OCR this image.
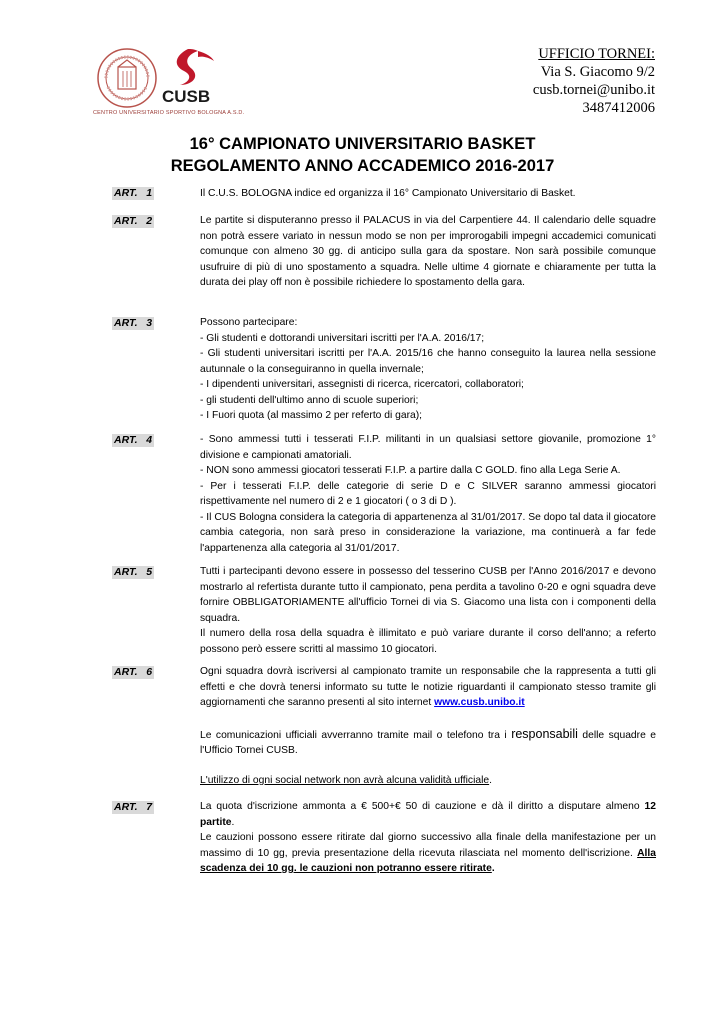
CENTRO UNIVERSITARIO SPORTIVO BOLOGNA A.S.D.
CUSB
UFFICIO TORNEI:
Via S. Giacomo 9/2
cusb.tornei@unibo.it
3487412006
16° CAMPIONATO UNIVERSITARIO BASKET
REGOLAMENTO ANNO ACCADEMICO 2016-2017
ART.   1	Il C.U.S. BOLOGNA indice ed organizza il 16° Campionato Universitario di Basket.

ART.   2	Le partite si disputeranno presso il PALACUS in via del Carpentiere 44. Il calendario delle squadre non potrà essere variato in nessun modo se non per improrogabili impegni accademici comunicati comunque con almeno 30 gg. di anticipo sulla gara da spostare. Non sarà possibile comunque usufruire di più di uno spostamento a squadra. Nelle ultime 4 giornate e chiaramente per tutta la durata dei play off non è possibile richiedere lo spostamento della gara.

ART.   3	Possono partecipare:

- Gli studenti e dottorandi universitari iscritti per l'A.A. 2016/17;

- Gli studenti universitari iscritti per l'A.A. 2015/16 che hanno conseguito la laurea nella sessione autunnale o la conseguiranno in quella invernale;

- I dipendenti universitari, assegnisti di ricerca, ricercatori, collaboratori;

- gli studenti dell'ultimo anno di scuole superiori;

- I Fuori quota (al massimo 2 per referto di gara);

ART.   4	- Sono ammessi tutti i tesserati F.I.P. militanti in un qualsiasi settore giovanile, promozione 1° divisione e campionati amatoriali.

- NON sono ammessi giocatori tesserati F.I.P. a partire dalla C GOLD. fino alla Lega Serie A.

- Per i tesserati F.I.P. delle categorie di serie D e C SILVER saranno ammessi giocatori rispettivamente nel numero di 2 e 1 giocatori ( o 3 di D ).

- Il CUS Bologna considera la categoria di appartenenza al 31/01/2017. Se dopo tal data il giocatore cambia categoria, non sarà preso in considerazione la variazione, ma continuerà a far fede l'appartenenza alla categoria al 31/01/2017.

ART.   5	Tutti i partecipanti devono essere in possesso del tesserino CUSB per l'Anno 2016/2017 e devono mostrarlo al refertista durante tutto il campionato, pena perdita a tavolino 0-20 e ogni squadra deve fornire OBBLIGATORIAMENTE all'ufficio Tornei di via S. Giacomo una lista con i componenti della squadra.

Il numero della rosa della squadra è illimitato e può variare durante il corso dell'anno; a referto possono però essere scritti al massimo 10 giocatori.

ART.   6	Ogni squadra dovrà iscriversi al campionato tramite un responsabile che la rappresenta a tutti gli effetti e che dovrà tenersi informato su tutte le notizie riguardanti il campionato stesso tramite gli aggiornamenti che saranno presenti al sito internet www.cusb.unibo.it

Le comunicazioni ufficiali avverranno tramite mail o telefono tra i responsabili delle squadre e l'Ufficio Tornei CUSB.

L'utilizzo di ogni social network non avrà alcuna validità ufficiale.

ART.   7	La quota d'iscrizione ammonta a € 500+€ 50 di cauzione e dà il diritto a disputare almeno 12 partite.

Le cauzioni possono essere ritirate dal giorno successivo alla finale della manifestazione per un massimo di 10 gg, previa presentazione della ricevuta rilasciata nel momento dell'iscrizione. Alla scadenza dei 10 gg. le cauzioni non potranno essere ritirate.
